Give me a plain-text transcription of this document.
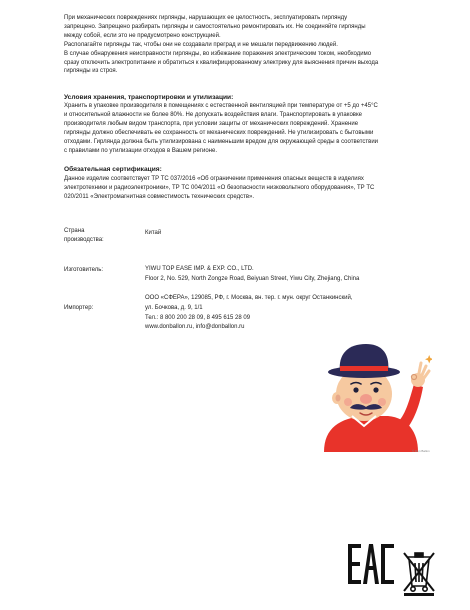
При механических повреждениях гирлянды, нарушающих ее целостность, эксплуатировать гирлянду
запрещено. Запрещено разбирать гирлянды и самостоятельно ремонтировать их. Не соединяйте гирлянды
между собой, если это не предусмотрено конструкцией.
Располагайте гирлянды так, чтобы они не создавали преград и не мешали передвижению людей.
В случае обнаружения неисправности гирлянды, во избежание поражения электрическим током, необходимо
сразу отключить электропитание и обратиться к квалифицированному электрику для выяснения причин выхода
гирлянды из строя.
Условия хранения, транспортировки и утилизации:
Хранить в упаковке производителя в помещениях с естественной вентиляцией при температуре от +5 до +45°С
и относительной влажности не более 80%. Не допускать воздействия влаги. Транспортировать в упаковке
производителя любым видом транспорта, при условии защиты от механических повреждений. Хранение
гирлянды должно обеспечивать ее сохранность от механических повреждений. Не утилизировать с бытовыми
отходами. Гирлянда должна быть утилизирована с наименьшим вредом для окружающей среды в соответствии
с правилами по утилизации отходов в Вашем регионе.
Обязательная сертификация:
Данное изделие соответствует ТР ТС 037/2016 «Об ограничении применения опасных веществ в изделиях
электротехники и радиоэлектроники», ТР ТС 004/2011 «О безопасности низковольтного оборудования», ТР ТС
020/2011 «Электромагнитная совместимость технических средств».
Страна
производства:
Китай
Изготовитель:	YIWU TOP EASE IMP. & EXP. CO., LTD.
Floor 2, No. 529, North Zongze Road, Beiyuan Street, Yiwu City, Zhejiang, China
Импортер:
ООО «СФЕРА», 129085, РФ, г. Москва, вн. тер. г. мун. округ Останкинский,
ул. Бочкова, д. 9, 1/1
Тел.: 8 800 200 28 09, 8 495 615 28 09
www.donballon.ru, info@donballon.ru
© Don Ballon
